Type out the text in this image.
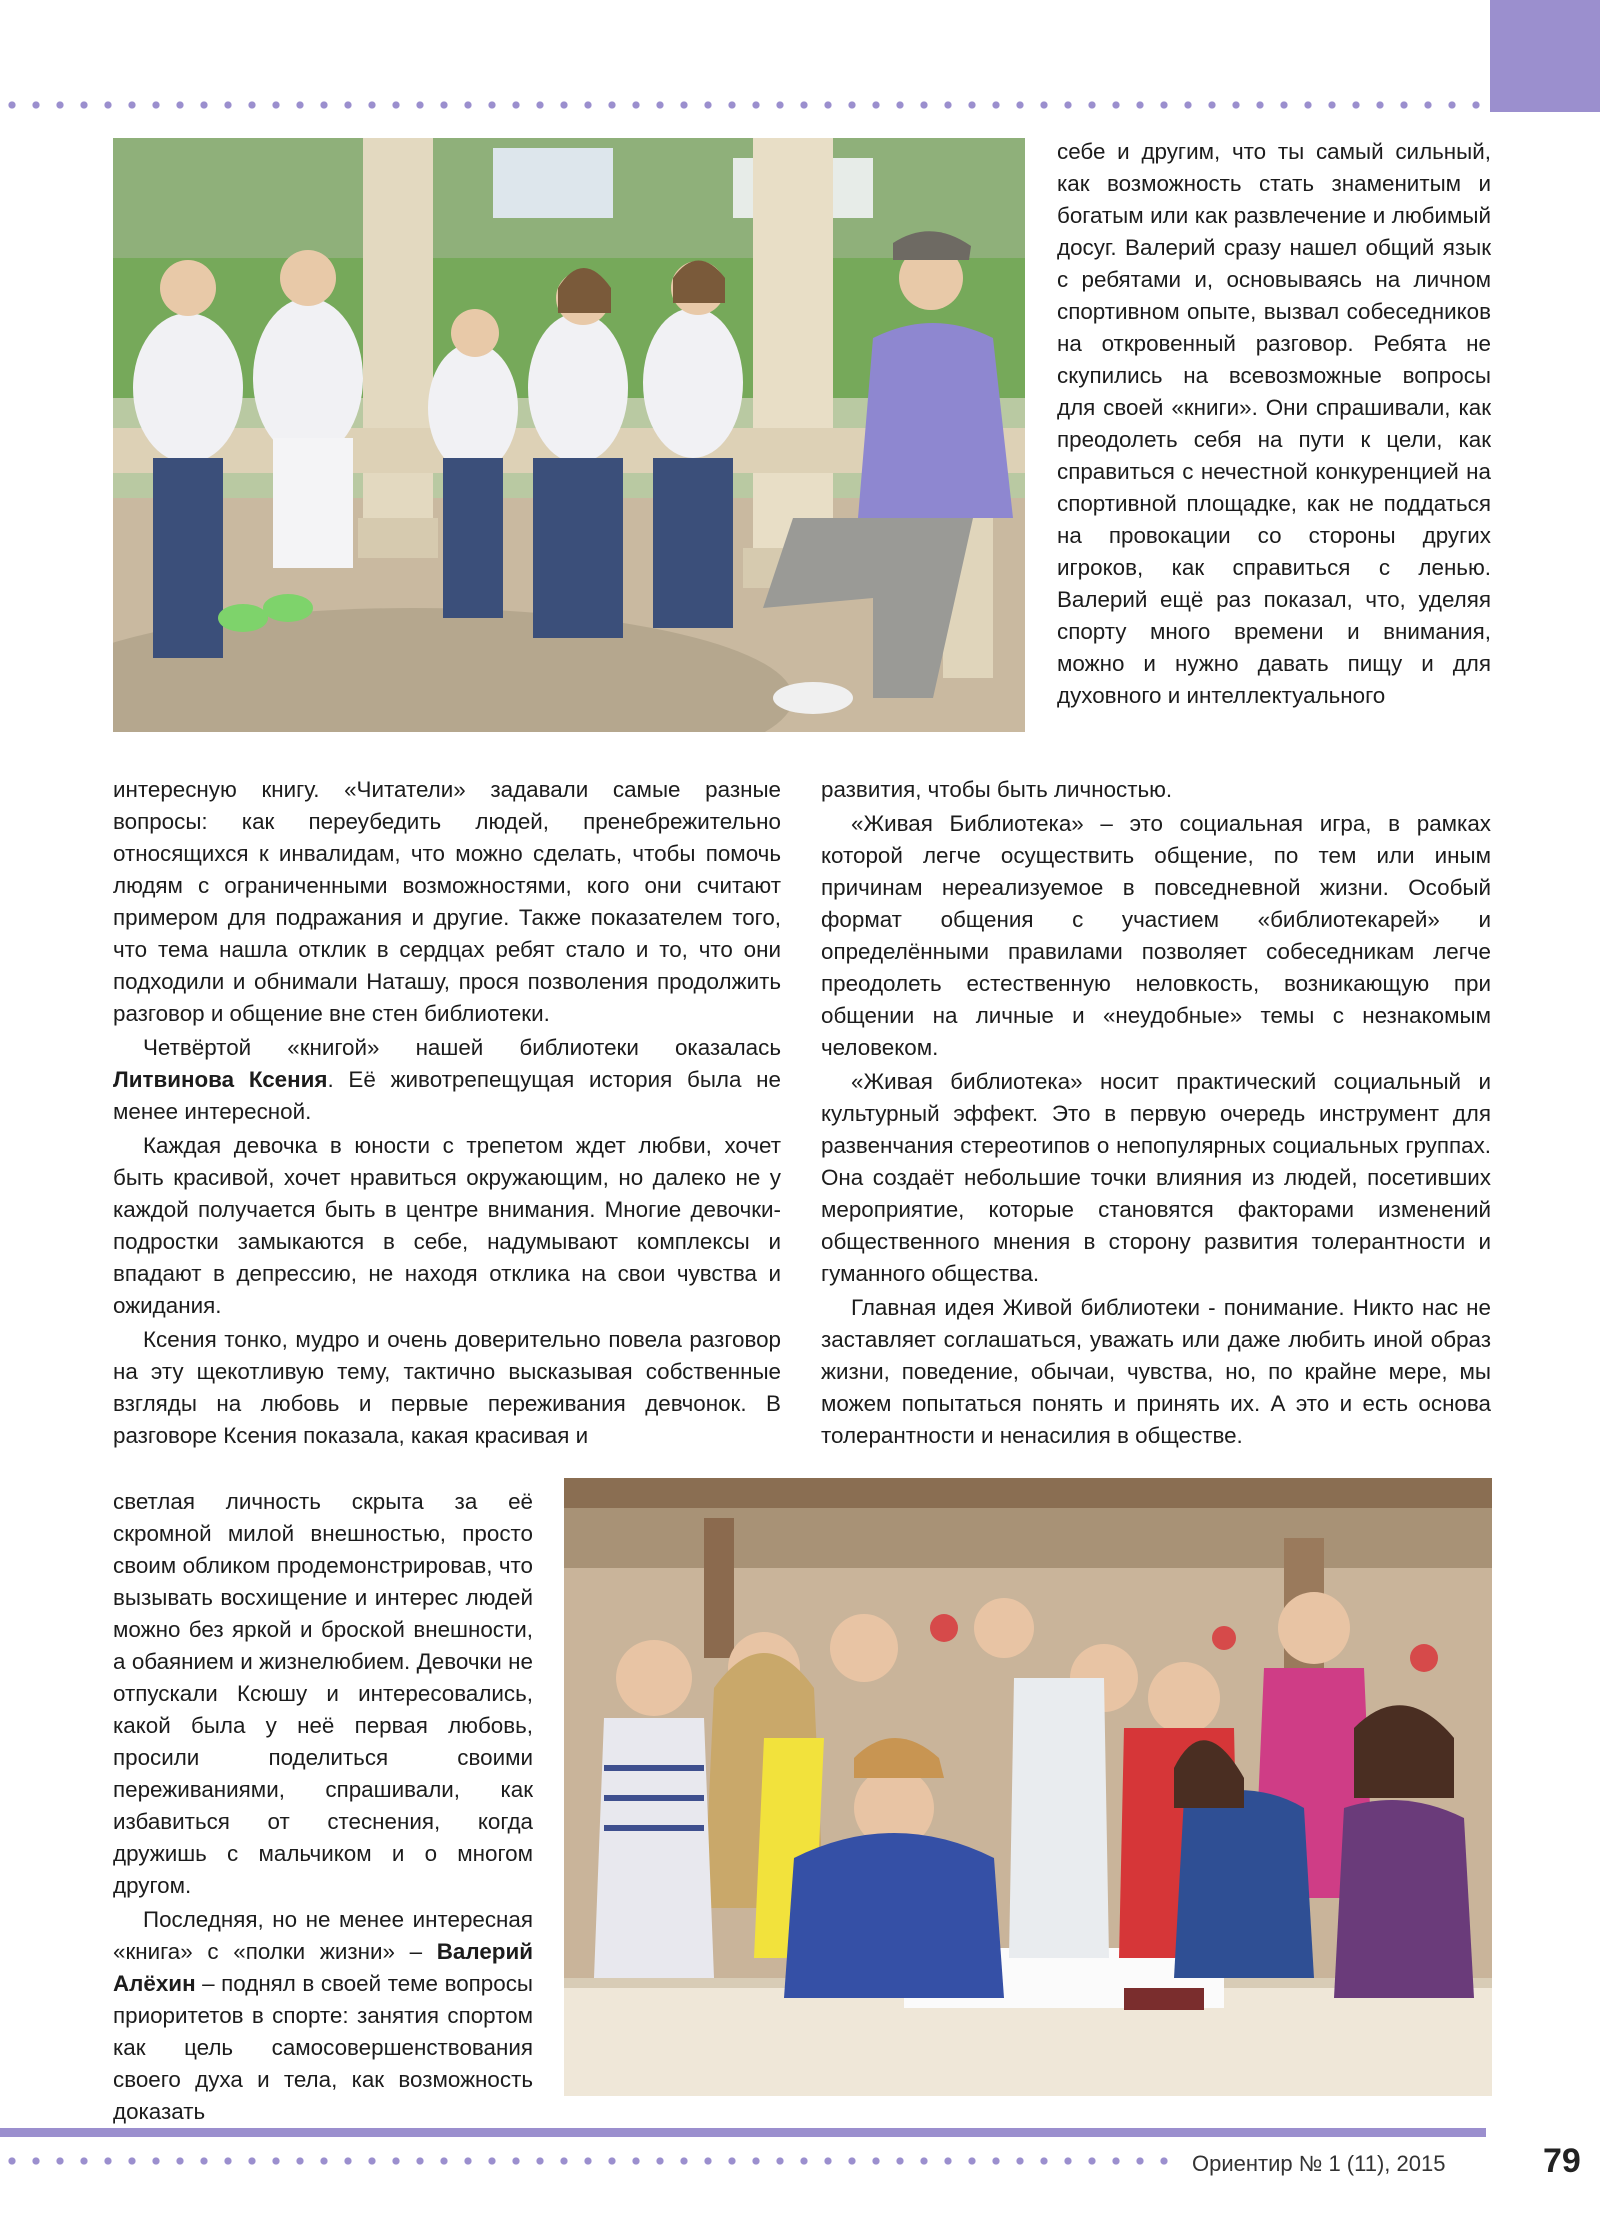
себе и другим, что ты самый сильный, как возможность стать знаменитым и богатым или как развлечение и любимый досуг. Валерий сразу нашел общий язык с ребятами и, основываясь на личном спортивном опыте, вызвал собеседников на откровенный разговор. Ребята не скупились на всевозможные вопросы для своей «книги». Они спрашивали, как преодолеть себя на пути к цели, как справиться с нечестной конкуренцией на спортивной площадке, как не поддаться на провокации со стороны других игроков, как справиться с ленью. Валерий ещё раз показал, что, уделяя спорту много времени и внимания, можно и нужно давать пищу и для духовного и интеллектуального

интересную книгу. «Читатели» задавали самые разные вопросы: как переубедить людей, пренебрежительно относящихся к инвалидам, что можно сделать, чтобы помочь людям с ограниченными возможностями, кого они считают примером для подражания и другие. Также показателем того, что тема нашла отклик в сердцах ребят стало и то, что они подходили и обнимали Наташу, прося позволения продолжить разговор и общение вне стен библиотеки.

Четвёртой «книгой» нашей библиотеки оказалась Литвинова Ксения. Её животрепещущая история была не менее интересной.

Каждая девочка в юности с трепетом ждет любви, хочет быть красивой, хочет нравиться окружающим, но далеко не у каждой получается быть в центре внимания. Многие девочки-подростки замыкаются в себе, надумывают комплексы и впадают в депрессию, не находя отклика на свои чувства и ожидания.

Ксения тонко, мудро и очень доверительно повела разговор на эту щекотливую тему, тактично высказывая собственные взгляды на любовь и первые переживания девчонок. В разговоре Ксения показала, какая красивая и

развития, чтобы быть личностью.

«Живая Библиотека» – это социальная игра, в рамках которой легче осуществить общение, по тем или иным причинам нереализуемое в повседневной жизни. Особый формат общения с участием «библиотекарей» и определёнными правилами позволяет собеседникам легче преодолеть естественную неловкость, возникающую при общении на личные и «неудобные» темы с незнакомым человеком.

«Живая библиотека» носит практический социальный и культурный эффект. Это в первую очередь инструмент для развенчания стереотипов о непопулярных социальных группах. Она создаёт небольшие точки влияния из людей, посетивших мероприятие, которые становятся факторами изменений общественного мнения в сторону развития толерантности и гуманного общества.

Главная идея Живой библиотеки - понимание. Никто нас не заставляет соглашаться, уважать или даже любить иной образ жизни, поведение, обычаи, чувства, но, по крайне мере, мы можем попытаться понять и принять их. А это и есть основа толерантности и ненасилия в обществе.

светлая личность скрыта за её скромной милой внешностью, просто своим обликом продемонстрировав, что вызывать восхищение и интерес людей можно без яркой и броской внешности, а обаянием и жизнелюбием. Девочки не отпускали Ксюшу и интересовались, какой была у неё первая любовь, просили поделиться своими переживаниями, спрашивали, как избавиться от стеснения, когда дружишь с мальчиком и о многом другом.

Последняя, но не менее интересная «книга» с «полки жизни» – Валерий Алёхин – поднял в своей теме вопросы приоритетов в спорте: занятия спортом как цель самосовершенствования своего духа и тела, как возможность доказать

Ориентир № 1 (11), 2015	79
